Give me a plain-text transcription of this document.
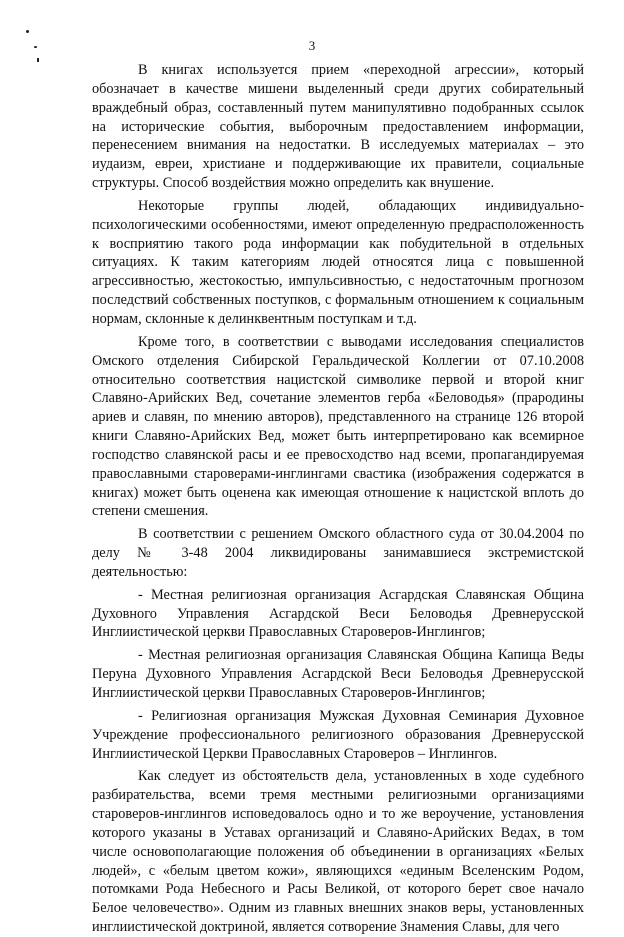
3

В книгах используется прием «переходной агрессии», который обозначает в качестве мишени выделенный среди других собирательный враждебный образ, составленный путем манипулятивно подобранных ссылок на исторические события, выборочным предоставлением информации, перенесением внимания на недостатки. В исследуемых материалах – это иудаизм, евреи, христиане и поддерживающие их правители, социальные структуры. Способ воздействия можно определить как внушение.

Некоторые группы людей, обладающих индивидуально-психологическими особенностями, имеют определенную предрасположенность к восприятию такого рода информации как побудительной в отдельных ситуациях. К таким категориям людей относятся лица с повышенной агрессивностью, жестокостью, импульсивностью, с недостаточным прогнозом последствий собственных поступков, с формальным отношением к социальным нормам, склонные к делинквентным поступкам и т.д.

Кроме того, в соответствии с выводами исследования специалистов Омского отделения Сибирской Геральдической Коллегии от 07.10.2008 относительно соответствия нацистской символике первой и второй книг Славяно-Арийских Вед, сочетание элементов герба «Беловодья» (прародины ариев и славян, по мнению авторов), представленного на странице 126 второй книги Славяно-Арийских Вед, может быть интерпретировано как всемирное господство славянской расы и ее превосходство над всеми, пропагандируемая православными староверами-инглингами свастика (изображения содержатся в книгах) может быть оценена как имеющая отношение к нацистской вплоть до степени смешения.

В соответствии с решением Омского областного суда от 30.04.2004 по делу № 3-48 2004 ликвидированы занимавшиеся экстремистской деятельностью:

- Местная религиозная организация Асгардская Славянская Община Духовного Управления Асгардской Веси Беловодья Древнерусской Инглиистической церкви Православных Староверов-Инглингов;

- Местная религиозная организация Славянская Община Капища Веды Перуна Духовного Управления Асгардской Веси Беловодья Древнерусской Инглиистической церкви Православных Староверов-Инглингов;

- Религиозная организация Мужская Духовная Семинария Духовное Учреждение профессионального религиозного образования Древнерусской Инглиистической Церкви Православных Староверов – Инглингов.

Как следует из обстоятельств дела, установленных в ходе судебного разбирательства, всеми тремя местными религиозными организациями староверов-инглингов исповедовалось одно и то же вероучение, установления которого указаны в Уставах организаций и Славяно-Арийских Ведах, в том числе основополагающие положения об объединении в организациях «Белых людей», с «белым цветом кожи», являющихся «единым Вселенским Родом, потомками Рода Небесного и Расы Великой, от которого берет свое начало Белое человечество». Одним из главных внешних знаков веры, установленных инглиистической доктриной, является сотворение Знамения Славы, для чего
